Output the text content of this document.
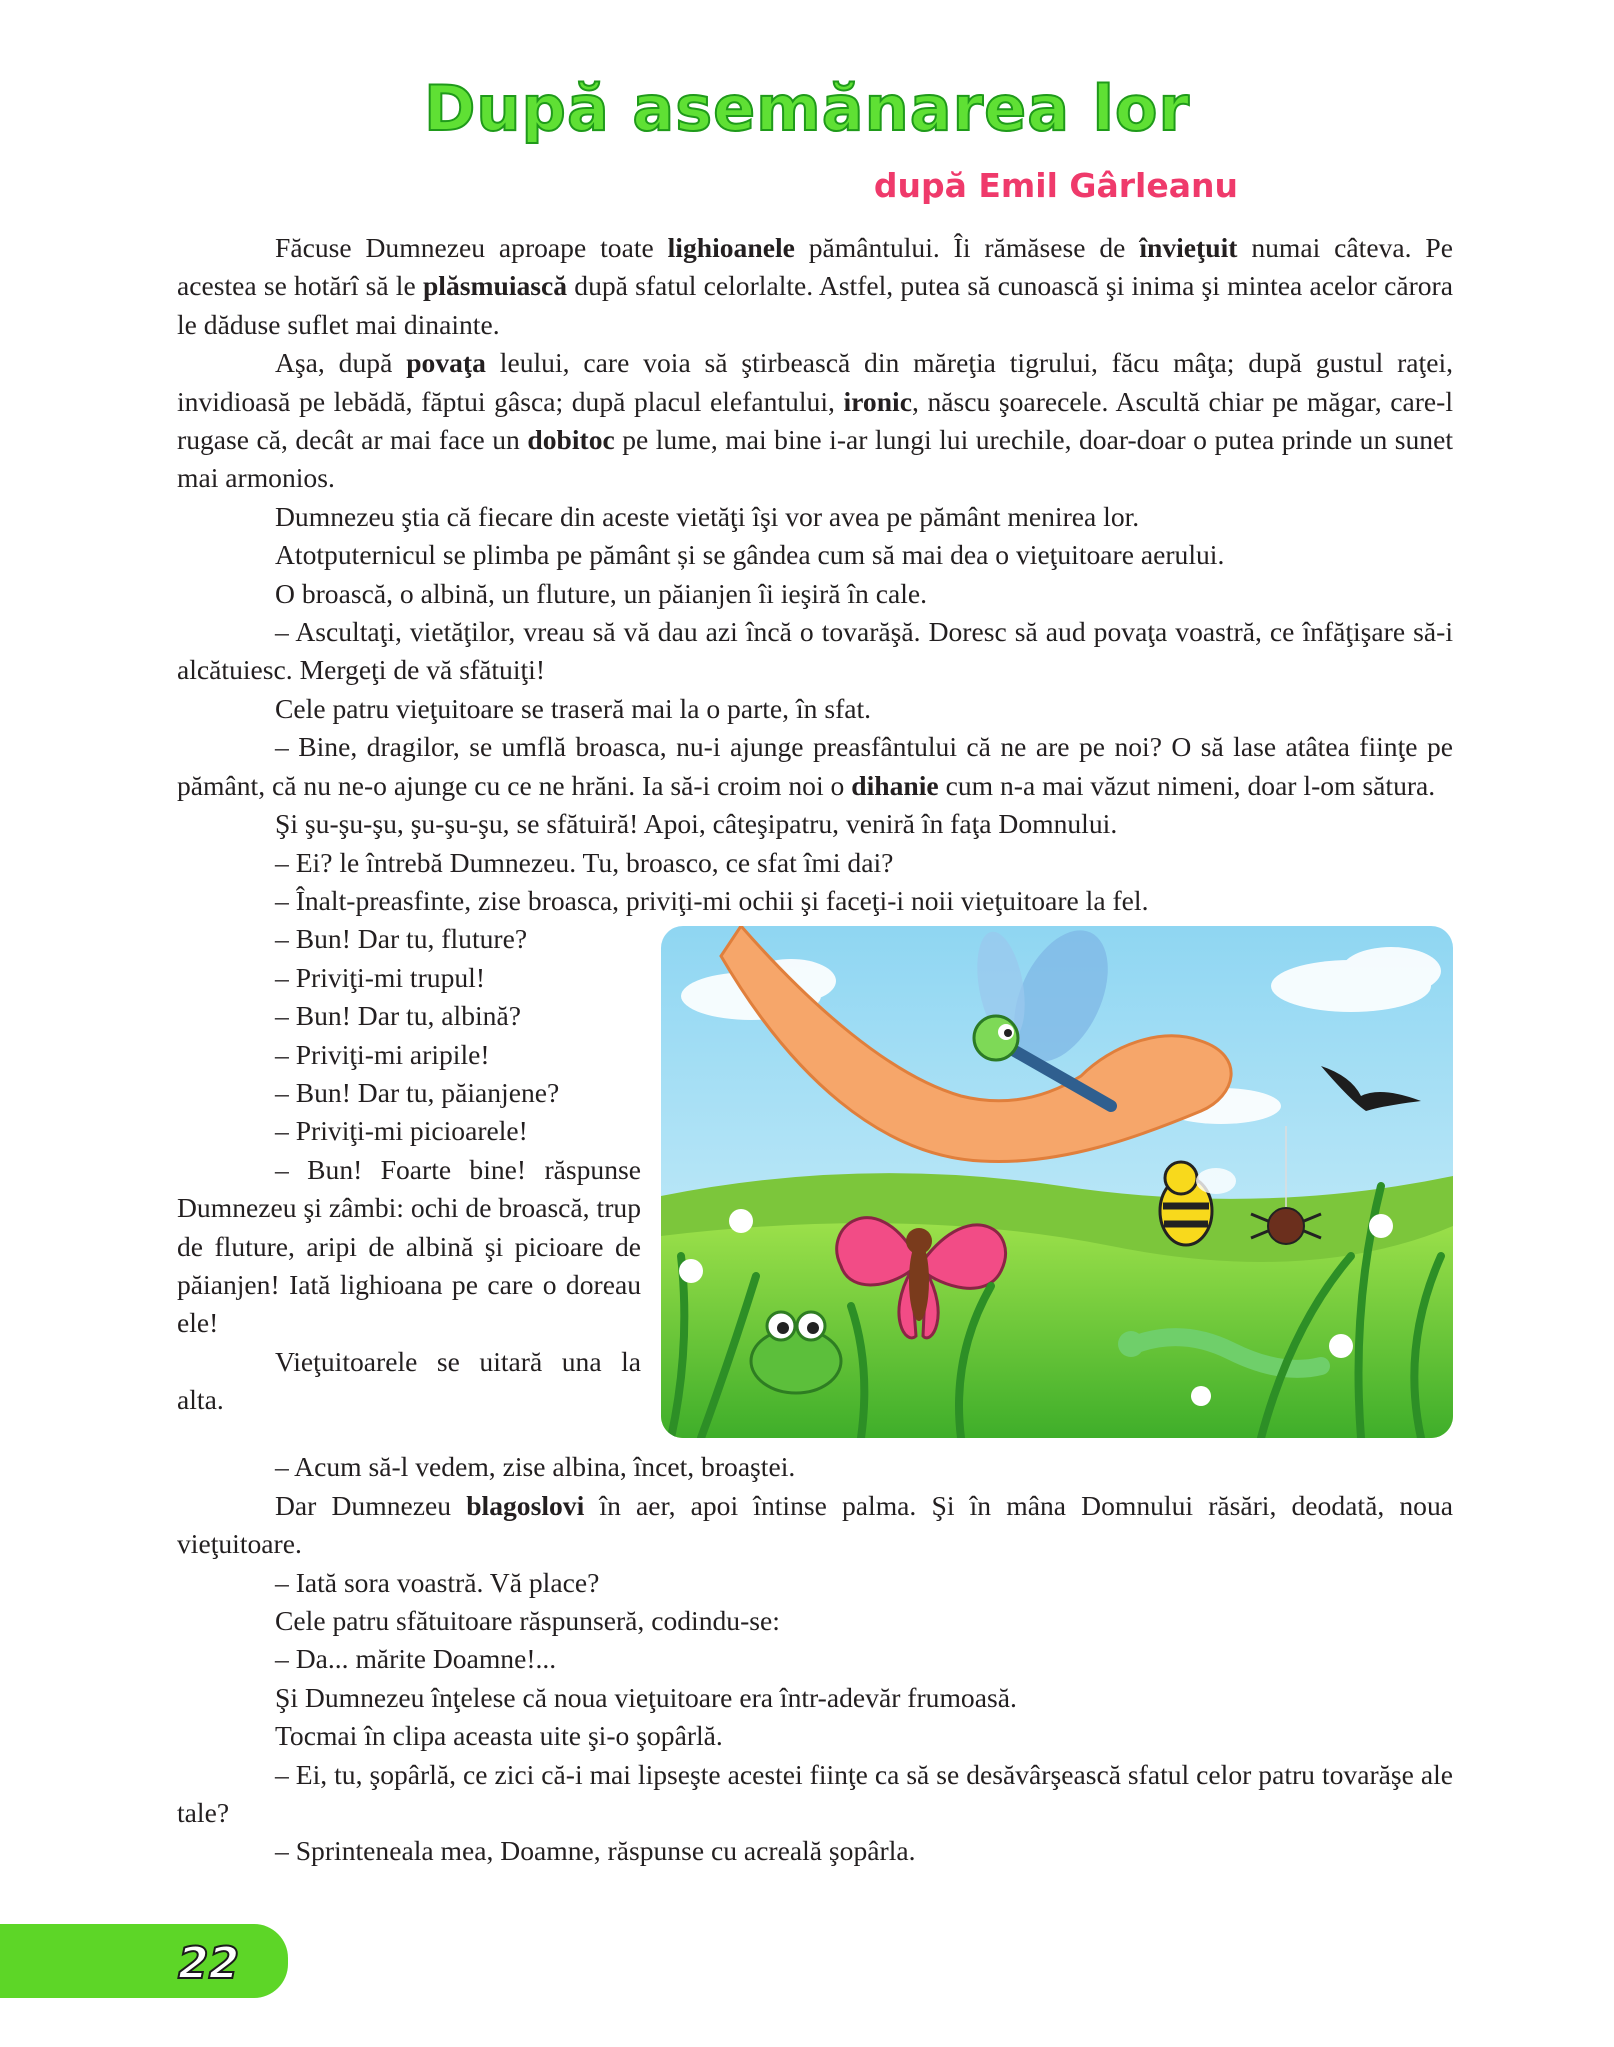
După asemănarea lor
după Emil Gârleanu

Făcuse Dumnezeu aproape toate lighioanele pământului. Îi rămăsese de învieţuit numai câteva. Pe acestea se hotărî să le plăsmuiască după sfatul celorlalte. Astfel, putea să cunoască şi inima şi mintea acelor cărora le dăduse suflet mai dinainte.

Aşa, după povaţa leului, care voia să ştirbească din măreţia tigrului, făcu mâţa; după gustul raţei, invidioasă pe lebădă, făptui gâsca; după placul elefantului, ironic, născu şoarecele. Ascultă chiar pe măgar, care-l rugase că, decât ar mai face un dobitoc pe lume, mai bine i-ar lungi lui urechile, doar-doar o putea prinde un sunet mai armonios.

Dumnezeu ştia că fiecare din aceste vietăţi îşi vor avea pe pământ menirea lor.

Atotputernicul se plimba pe pământ și se gândea cum să mai dea o vieţuitoare aerului.

O broască, o albină, un fluture, un păianjen îi ieşiră în cale.

– Ascultaţi, vietăţilor, vreau să vă dau azi încă o tovarăşă. Doresc să aud povaţa voastră, ce înfăţişare să-i alcătuiesc. Mergeţi de vă sfătuiţi!

Cele patru vieţuitoare se traseră mai la o parte, în sfat.

– Bine, dragilor, se umflă broasca, nu-i ajunge preasfântului că ne are pe noi? O să lase atâtea fiinţe pe pământ, că nu ne-o ajunge cu ce ne hrăni. Ia să-i croim noi o dihanie cum n-a mai văzut nimeni, doar l-om sătura.

Şi şu-şu-şu, şu-şu-şu, se sfătuiră! Apoi, câteşipatru, veniră în faţa Domnului.

– Ei? le întrebă Dumnezeu. Tu, broasco, ce sfat îmi dai?

– Înalt-preasfinte, zise broasca, priviţi-mi ochii şi faceţi-i noii vieţuitoare la fel.

– Bun! Dar tu, fluture?

– Priviţi-mi trupul!

– Bun! Dar tu, albină?

– Priviţi-mi aripile!

– Bun! Dar tu, păianjene?

– Priviţi-mi picioarele!

– Bun! Foarte bine! răspunse Dumnezeu şi zâmbi: ochi de broască, trup de fluture, aripi de albină şi picioare de păianjen! Iată lighioana pe care o doreau ele!

Vieţuitoarele se uitară una la alta.

– Acum să-l vedem, zise albina, încet, broaştei.

Dar Dumnezeu blagoslovi în aer, apoi întinse palma. Şi în mâna Domnului răsări, deodată, noua vieţuitoare.

– Iată sora voastră. Vă place?

Cele patru sfătuitoare răspunseră, codindu-se:

– Da... mărite Doamne!...

Şi Dumnezeu înţelese că noua vieţuitoare era într-adevăr frumoasă.

Tocmai în clipa aceasta uite şi-o şopârlă.

– Ei, tu, şopârlă, ce zici că-i mai lipseşte acestei fiinţe ca să se desăvârşească sfatul celor patru tovarăşe ale tale?

– Sprinteneala mea, Doamne, răspunse cu acreală şopârla.

22
